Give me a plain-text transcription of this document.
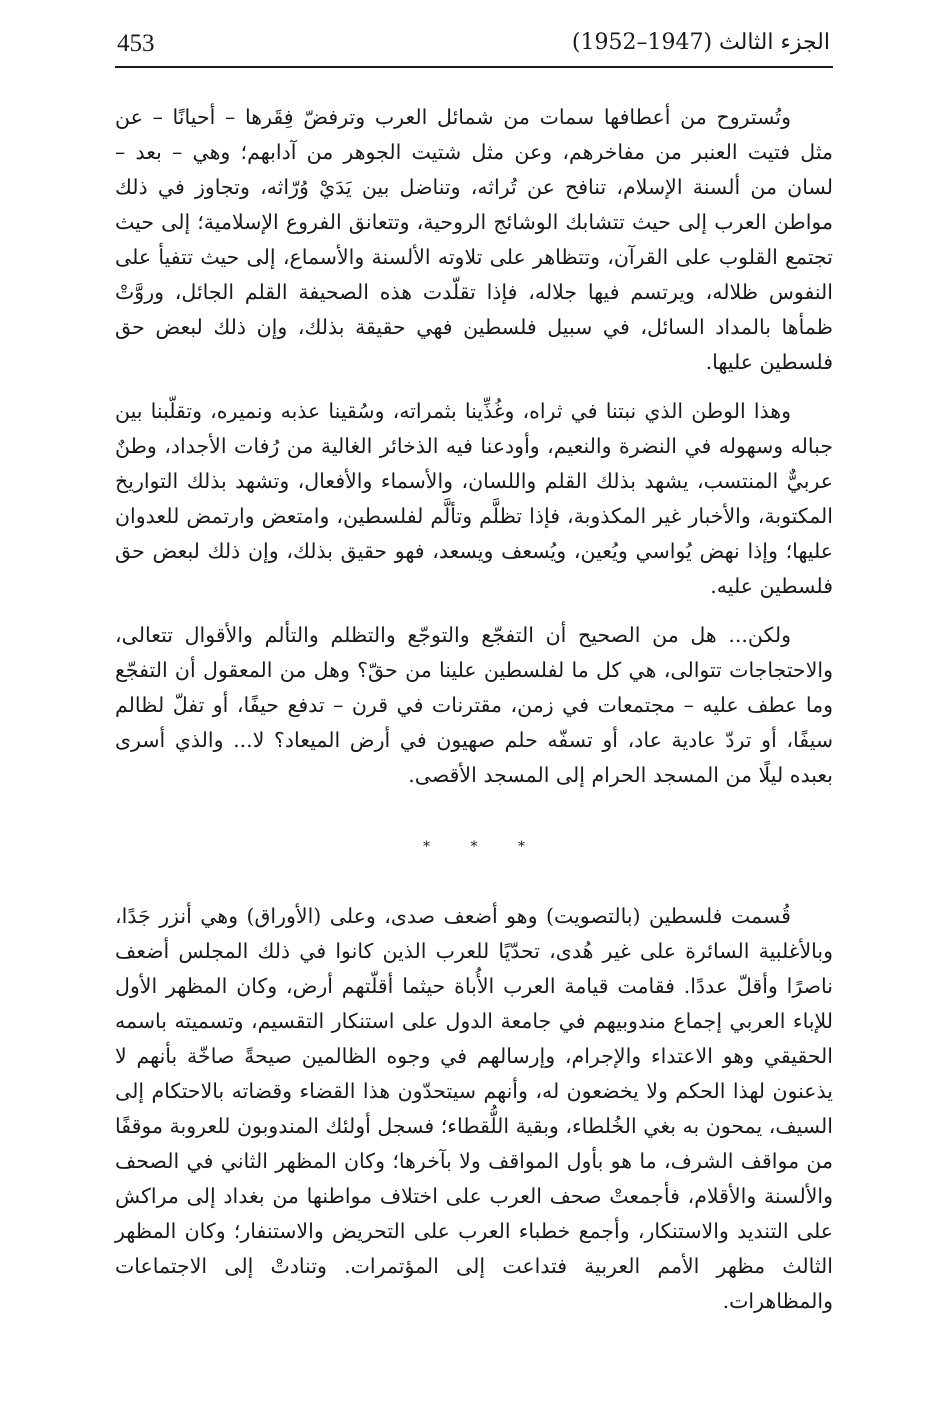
453	الجزء الثالث (1947–1952)

وتُستروح من أعطافها سمات من شمائل العرب وترفضّ فِقَرها – أحيانًا – عن مثل فتيت العنبر من مفاخرهم، وعن مثل شتيت الجوهر من آدابهم؛ وهي – بعد – لسان من ألسنة الإسلام، تنافح عن تُراثه، وتناضل بين يَدَيْ وُرّاثه، وتجاوز في ذلك مواطن العرب إلى حيث تتشابك الوشائج الروحية، وتتعانق الفروع الإسلامية؛ إلى حيث تجتمع القلوب على القرآن، وتتظاهر على تلاوته الألسنة والأسماع، إلى حيث تتفيأ على النفوس ظلاله، ويرتسم فيها جلاله، فإذا تقلّدت هذه الصحيفة القلم الجائل، وروَّتْ ظمأها بالمداد السائل، في سبيل فلسطين فهي حقيقة بذلك، وإن ذلك لبعض حق فلسطين عليها.

وهذا الوطن الذي نبتنا في ثراه، وغُذِّينا بثمراته، وسُقينا عذبه ونميره، وتقلّبنا بين جباله وسهوله في النضرة والنعيم، وأودعنا فيه الذخائر الغالية من رُفات الأجداد، وطنٌ عربيٌّ المنتسب، يشهد بذلك القلم واللسان، والأسماء والأفعال، وتشهد بذلك التواريخ المكتوبة، والأخبار غير المكذوبة، فإذا تظلَّم وتألَّم لفلسطين، وامتعض وارتمض للعدوان عليها؛ وإذا نهض يُواسي ويُعين، ويُسعف ويسعد، فهو حقيق بذلك، وإن ذلك لبعض حق فلسطين عليه.

ولكن... هل من الصحيح أن التفجّع والتوجّع والتظلم والتألم والأقوال تتعالى، والاحتجاجات تتوالى، هي كل ما لفلسطين علينا من حقّ؟ وهل من المعقول أن التفجّع وما عطف عليه – مجتمعات في زمن، مقترنات في قرن – تدفع حيفًا، أو تفلّ لظالم سيفًا، أو تردّ عادية عاد، أو تسفّه حلم صهيون في أرض الميعاد؟ لا... والذي أسرى بعبده ليلًا من المسجد الحرام إلى المسجد الأقصى.

* * *

قُسمت فلسطين (بالتصويت) وهو أضعف صدى، وعلى (الأوراق) وهي أنزر جَدًا، وبالأغلبية السائرة على غير هُدى، تحدّيًا للعرب الذين كانوا في ذلك المجلس أضعف ناصرًا وأقلّ عددًا. فقامت قيامة العرب الأُباة حيثما أقلّتهم أرض، وكان المظهر الأول للإباء العربي إجماع مندوبيهم في جامعة الدول على استنكار التقسيم، وتسميته باسمه الحقيقي وهو الاعتداء والإجرام، وإرسالهم في وجوه الظالمين صيحةً صاخّة بأنهم لا يذعنون لهذا الحكم ولا يخضعون له، وأنهم سيتحدّون هذا القضاء وقضاته بالاحتكام إلى السيف، يمحون به بغي الخُلطاء، وبقية اللُّقطاء؛ فسجل أولئك المندوبون للعروبة موقفًا من مواقف الشرف، ما هو بأول المواقف ولا بآخرها؛ وكان المظهر الثاني في الصحف والألسنة والأقلام، فأجمعتْ صحف العرب على اختلاف مواطنها من بغداد إلى مراكش على التنديد والاستنكار، وأجمع خطباء العرب على التحريض والاستنفار؛ وكان المظهر الثالث مظهر الأمم العربية فتداعت إلى المؤتمرات. وتنادتْ إلى الاجتماعات والمظاهرات.
